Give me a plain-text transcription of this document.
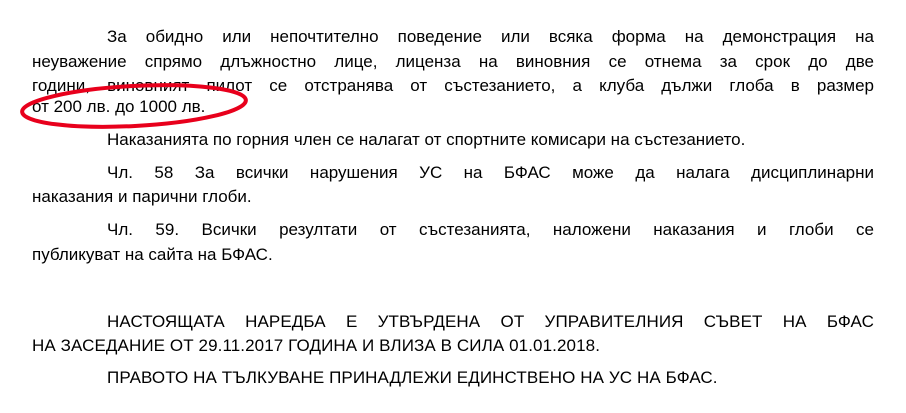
За обидно или непочтително поведение или всяка форма на демонстрация на
неуважение спрямо длъжностно лице, лиценза на виновния се отнема за срок до две
години, виновният пилот се отстранява от състезанието, а клуба дължи глоба в размер
от 200 лв. до 1000 лв.
Наказанията по горния член се налагат от спортните комисари на състезанието.
Чл. 58 За всички нарушения УС на БФАС може да налага дисциплинарни
наказания и парични глоби.
Чл. 59. Всички резултати от състезанията, наложени наказания и глоби се
публикуват на сайта на БФАС.
НАСТОЯЩАТА НАРЕДБА Е УТВЪРДЕНА ОТ УПРАВИТЕЛНИЯ СЪВЕТ НА БФАС
НА ЗАСЕДАНИЕ ОТ 29.11.2017 ГОДИНА И ВЛИЗА В СИЛА 01.01.2018.
ПРАВОТО НА ТЪЛКУВАНЕ ПРИНАДЛЕЖИ ЕДИНСТВЕНО НА УС НА БФАС.
